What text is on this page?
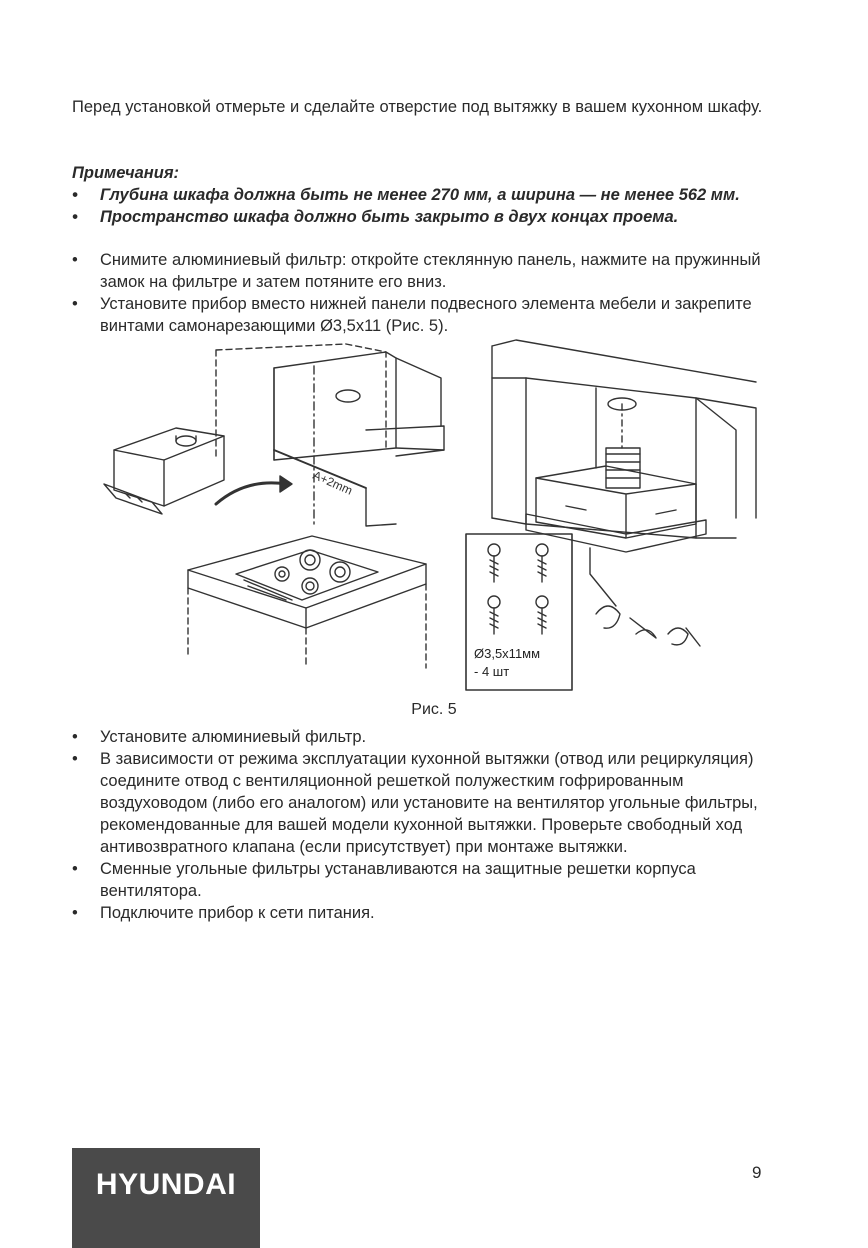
Перед установкой отмерьте и сделайте отверстие под вытяжку в вашем кухонном шкафу.
Примечания:
• Глубина шкафа должна быть не менее 270 мм, а ширина — не менее 562 мм.
• Пространство шкафа должно быть закрыто в двух концах проема.
• Снимите алюминиевый фильтр: откройте стеклянную панель, нажмите на пружинный замок на фильтре и затем потяните его вниз.
• Установите прибор вместо нижней панели подвесного элемента мебели и закрепите винтами самонарезающими Ø3,5х11 (Рис. 5).
A+2mm
Ø3,5х11мм
- 4 шт
Рис. 5
• Установите алюминиевый фильтр.
• В зависимости от режима эксплуатации кухонной вытяжки (отвод или рециркуляция) соедините отвод с вентиляционной решеткой полужестким гофрированным воздуховодом (либо его аналогом) или установите на вентилятор угольные фильтры, рекомендованные для вашей модели кухонной вытяжки. Проверьте свободный ход антивозвратного клапана (если присутствует) при монтаже вытяжки.
• Сменные угольные фильтры устанавливаются на защитные решетки корпуса вентилятора.
• Подключите прибор к сети питания.
HYUNDAI	9
